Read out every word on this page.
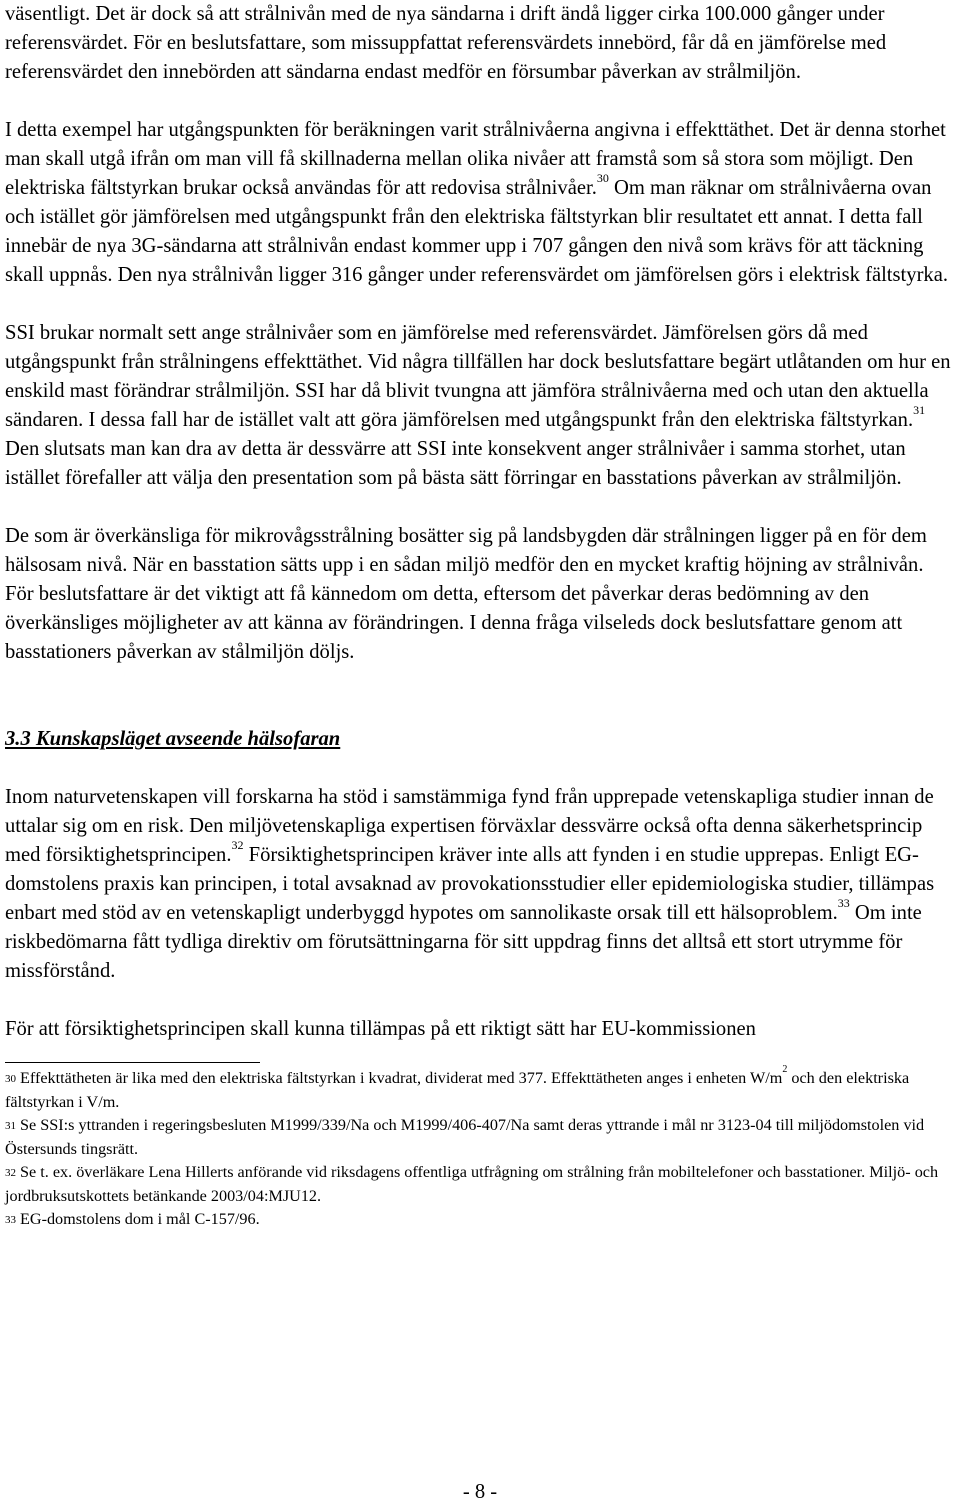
väsentligt. Det är dock så att strålnivån med de nya sändarna i drift ändå ligger cirka 100.000 gånger under referensvärdet. För en beslutsfattare, som missuppfattat referensvärdets innebörd, får då en jämförelse med referensvärdet den innebörden att sändarna endast medför en försumbar påverkan av strålmiljön.

I detta exempel har utgångspunkten för beräkningen varit strålnivåerna angivna i effekttäthet. Det är denna storhet man skall utgå ifrån om man vill få skillnaderna mellan olika nivåer att framstå som så stora som möjligt. Den elektriska fältstyrkan brukar också användas för att redovisa strålnivåer.$^{30}$ Om man räknar om strålnivåerna ovan och istället gör jämförelsen med utgångspunkt från den elektriska fältstyrkan blir resultatet ett annat. I detta fall innebär de nya 3G-sändarna att strålnivån endast kommer upp i 707 gången den nivå som krävs för att täckning skall uppnås. Den nya strålnivån ligger 316 gånger under referensvärdet om jämförelsen görs i elektrisk fältstyrka.

SSI brukar normalt sett ange strålnivåer som en jämförelse med referensvärdet. Jämförelsen görs då med utgångspunkt från strålningens effekttäthet. Vid några tillfällen har dock beslutsfattare begärt utlåtanden om hur en enskild mast förändrar strålmiljön. SSI har då blivit tvungna att jämföra strålnivåerna med och utan den aktuella sändaren. I dessa fall har de istället valt att göra jämförelsen med utgångspunkt från den elektriska fältstyrkan.$^{31}$ Den slutsats man kan dra av detta är dessvärre att SSI inte konsekvent anger strålnivåer i samma storhet, utan istället förefaller att välja den presentation som på bästa sätt förringar en basstations påverkan av strålmiljön.

De som är överkänsliga för mikrovågsstrålning bosätter sig på landsbygden där strålningen ligger på en för dem hälsosam nivå. När en basstation sätts upp i en sådan miljö medför den en mycket kraftig höjning av strålnivån. För beslutsfattare är det viktigt att få kännedom om detta, eftersom det påverkar deras bedömning av den överkänsliges möjligheter av att känna av förändringen. I denna fråga vilseleds dock beslutsfattare genom att basstationers påverkan av stålmiljön döljs.

3.3 Kunskapsläget avseende hälsofaran

Inom naturvetenskapen vill forskarna ha stöd i samstämmiga fynd från upprepade vetenskapliga studier innan de uttalar sig om en risk. Den miljövetenskapliga expertisen förväxlar dessvärre också ofta denna säkerhetsprincip med försiktighetsprincipen.$^{32}$ Försiktighetsprincipen kräver inte alls att fynden i en studie upprepas. Enligt EG-domstolens praxis kan principen, i total avsaknad av provokationsstudier eller epidemiologiska studier, tillämpas enbart med stöd av en vetenskapligt underbyggd hypotes om sannolikaste orsak till ett hälsoproblem.$^{33}$ Om inte riskbedömarna fått tydliga direktiv om förutsättningarna för sitt uppdrag finns det alltså ett stort utrymme för missförstånd.

För att försiktighetsprincipen skall kunna tillämpas på ett riktigt sätt har EU-kommissionen

$^{30}$ Effekttätheten är lika med den elektriska fältstyrkan i kvadrat, dividerat med 377. Effekttätheten anges i enheten $W/m^2$ och den elektriska fältstyrkan i V/m.

$^{31}$ Se SSI:s yttranden i regeringsbesluten M1999/339/Na och M1999/406-407/Na samt deras yttrande i mål nr 3123-04 till miljödomstolen vid Östersunds tingsrätt.

$^{32}$ Se t. ex. överläkare Lena Hillerts anförande vid riksdagens offentliga utfrågning om strålning från mobiltelefoner och basstationer. Miljö- och jordbruksutskottets betänkande 2003/04:MJU12.

$^{33}$ EG-domstolens dom i mål C-157/96.

- 8 -
